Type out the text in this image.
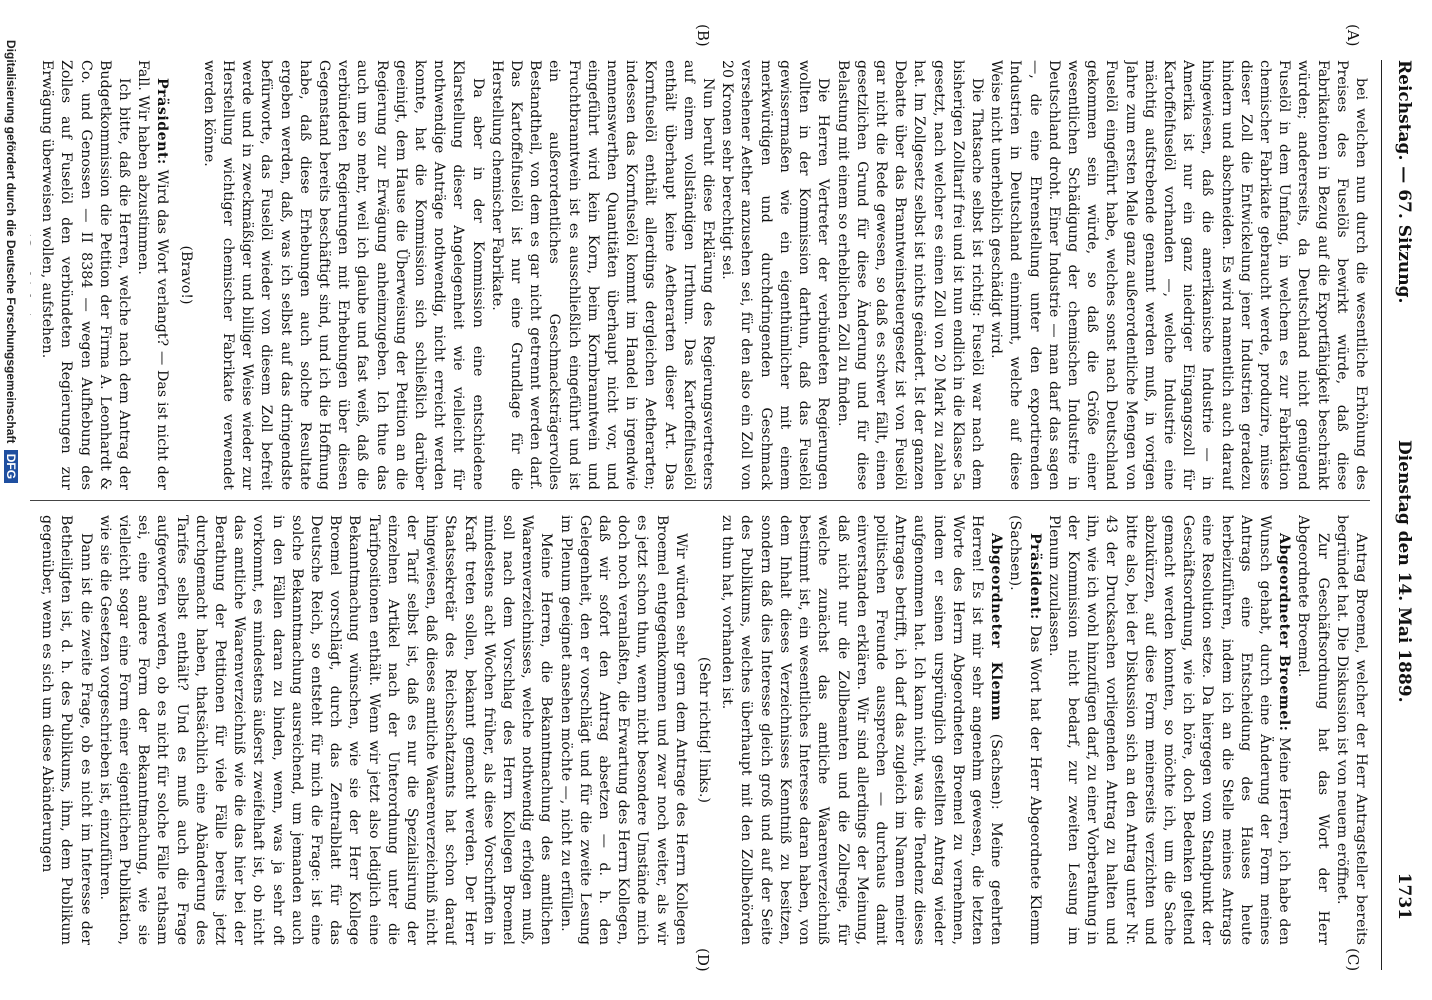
Reichstag. — 67. Sitzung.
Dienstag den 14. Mai 1889.
1731
(A)
(B)
(C)
(D)

bei welchen nun durch die wesentliche Erhöhung des Preises des Fuselöls bewirkt würde, daß diese Fabrikationen in Bezug auf die Exportfähigkeit beschränkt würden; andererseits, da Deutschland nicht genügend Fuselöl in dem Umfang, in welchem es zur Fabrikation chemischer Fabrikate gebraucht werde, produzire, müsse dieser Zoll die Entwickelung jener Industrien geradezu hindern und abschneiden. Es wird namentlich auch darauf hingewiesen, daß die amerikanische Industrie — in Amerika ist nur ein ganz niedriger Eingangszoll für Kartoffelfuselöl vorhanden —, welche Industrie eine mächtig aufstrebende genannt werden muß, in vorigen Jahre zum ersten Male ganz außerordentliche Mengen von Fuselöl eingeführt habe, welches sonst nach Deutschland gekommen sein würde, so daß die Größe einer wesentlichen Schädigung der chemischen Industrie in Deutschland droht. Einer Industrie — man darf das sagen —, die eine Ehrenstellung unter den exportirenden Industrien in Deutschland einnimmt, welche auf diese Weise nicht unerheblich geschädigt wird.

Die Thatsache selbst ist richtig: Fuselöl war nach dem bisherigen Zolltarif frei und ist nun endlich in die Klasse 5a gesetzt, nach welcher es einen Zoll von 20 Mark zu zahlen hat. Im Zollgesetz selbst ist nichts geändert. Ist der ganzen Debatte über das Branntweinsteuergesetz ist von Fuselöl gar nicht die Rede gewesen, so daß es schwer fällt, einen gesetzlichen Grund für diese Änderung und für diese Belastung mit einem so erheblichen Zoll zu finden.

Die Herren Vertreter der verbündeten Regierungen wollten in der Kommission darthun, daß das Fuselöl gewissermaßen wie ein eigenthümlicher mit einem merkwürdigen und durchdringenden Geschmack versehener Aether anzusehen sei, für den also ein Zoll von 20 Kronen sehr berechtigt sei.

Nun beruht diese Erklärung des Regierungsvertreters auf einem vollständigen Irrthum. Das Kartoffelfuselöl enthält überhaupt keine Aetherarten dieser Art. Das Kornfuselöl enthält allerdings dergleichen Aetherarten; indessen das Kornfuselöl kommt im Handel in irgendwie nennenswerthen Quantitäten überhaupt nicht vor, und eingeführt wird kein Korn, beim Kornbranntwein und Fruchtbranntwein ist es ausschließlich eingeführt und ist ein außerordentliches Geschmacksträgervolles Bestandtheil, von dem es gar nicht getrennt werden darf. Das Kartoffelfuselöl ist nur eine Grundlage für die Herstellung chemischer Fabrikate.

Da aber in der Kommission eine entschiedene Klarstellung dieser Angelegenheit wie vielleicht für nothwendige Anträge nothwendig, nicht erreicht werden konnte, hat die Kommission sich schließlich darüber geeinigt, dem Hause die Überweisung der Petition an die Regierung zur Erwägung anheimzugeben. Ich thue das auch um so mehr, weil ich glaube und fast weiß, daß die verbündeten Regierungen mit Erhebungen über diesen Gegenstand bereits beschäftigt sind, und ich die Hoffnung habe, daß diese Erhebungen auch solche Resultate ergeben werden, daß, was ich selbst auf das dringendste befürworte, das Fuselöl wieder von diesem Zoll befreit werde und in zweckmäßiger und billiger Weise wieder zur Herstellung wichtiger chemischer Fabrikate verwendet werden könne.

(Bravo!)

Präsident: Wird das Wort verlangt? — Das ist nicht der Fall. Wir haben abzustimmen.

Ich bitte, daß die Herren, welche nach dem Antrag der Budgetkommission die Petition der Firma A. Leonhardt & Co. und Genossen — II 8384 — wegen Aufhebung des Zolles auf Fuselöl den verbündeten Regierungen zur Erwägung überweisen wollen, aufstehen.

Antrag Broemel, welcher der Herr Antragsteller bereits begründet hat. Die Diskussion ist von neuem eröffnet.

Zur Geschäftsordnung hat das Wort der Herr Abgeordnete Broemel.

Abgeordneter Broemel: Meine Herren, ich habe den Wunsch gehabt, durch eine Änderung der Form meines Antrags eine Entscheidung des Hauses heute herbeizuführen, indem ich an die Stelle meines Antrags eine Resolution setze. Da hiergegen vom Standpunkt der Geschäftsordnung, wie ich höre, doch Bedenken geltend gemacht werden konnten, so möchte ich, um die Sache abzukürzen, auf diese Form meinerseits verzichten und bitte also, bei der Diskussion sich an den Antrag unter Nr. 43 der Drucksachen vorliegenden Antrag zu halten und ihn, wie ich wohl hinzufügen darf, zu einer Vorberathung in der Kommission nicht bedarf, zur zweiten Lesung im Plenum zuzulassen.

Präsident: Das Wort hat der Herr Abgeordnete Klemm (Sachsen).

Abgeordneter Klemm (Sachsen): Meine geehrten Herren! Es ist mir sehr angenehm gewesen, die letzten Worte des Herrn Abgeordneten Broemel zu vernehmen, indem er seinen ursprünglich gestellten Antrag wieder aufgenommen hat. Ich kann nicht, was die Tendenz dieses Antrages betrifft, ich darf das zugleich im Namen meiner politischen Freunde aussprechen — durchaus damit einverstanden erklären. Wir sind allerdings der Meinung, daß nicht nur die Zollbeamten und die Zollregie, für welche zunächst das amtliche Waarenverzeichniß bestimmt ist, ein wesentliches Interesse daran haben, von dem Inhalt dieses Verzeichnisses Kenntniß zu besitzen, sondern daß dies Interesse gleich groß und auf der Seite des Publikums, welches überhaupt mit den Zollbehörden zu thun hat, vorhanden ist.

(Sehr richtig! links.)

Wir würden sehr gern dem Antrage des Herrn Kollegen Broemel entgegenkommen und zwar noch weiter, als wir es jetzt schon thun, wenn nicht besondere Umstände mich doch noch veranlaßten, die Erwartung des Herrn Kollegen, daß wir sofort den Antrag absetzen — d. h. den Gelegenheit, den er vorschlägt und für die zweite Lesung im Plenum geeignet ansehen möchte —, nicht zu erfüllen.

Meine Herren, die Bekanntmachung des amtlichen Waarenverzeichnisses, welche nothwendig erfolgen muß, soll nach dem Vorschlag des Herrn Kollegen Broemel mindestens acht Wochen früher, als diese Vorschriften in Kraft treten sollen, bekannt gemacht werden. Der Herr Staatssekretär des Reichsschatzamts hat schon darauf hingewiesen, daß dieses amtliche Waarenverzeichniß nicht der Tarif selbst ist, daß es nur die Spezialisirung der einzelnen Artikel nach der Unterordnung unter die Tarifpositionen enthält. Wenn wir jetzt also lediglich eine Bekanntmachung wünschen, wie sie der Herr Kollege Broemel vorschlägt, durch das Zentralblatt für das Deutsche Reich, so entsteht für mich die Frage: ist eine solche Bekanntmachung ausreichend, um jemanden auch in den Fällen daran zu binden, wenn, was ja sehr oft vorkommt, es mindestens äußerst zweifelhaft ist, ob nicht das amtliche Waarenverzeichniß wie die das hier bei der Berathung der Petitionen für viele Fälle bereits jetzt durchgemacht haben, thatsächlich eine Abänderung des Tarifes selbst enthält? Und es muß auch die Frage aufgeworfen werden, ob es nicht für solche Fälle rathsam sei, eine andere Form der Bekanntmachung, wie sie vielleicht sogar eine Form einer eigentlichen Publikation, wie sie die Gesetzen vorgeschrieben ist, einzuführen.

Dann ist die zweite Frage, ob es nicht im Interesse der Betheiligten ist, d. h. des Publikums, ihm, dem Publikum gegenüber, wenn es sich um diese Abänderungen

Digitalisierung gefördert durch die Deutsche Forschungsgemeinschaft DFG
